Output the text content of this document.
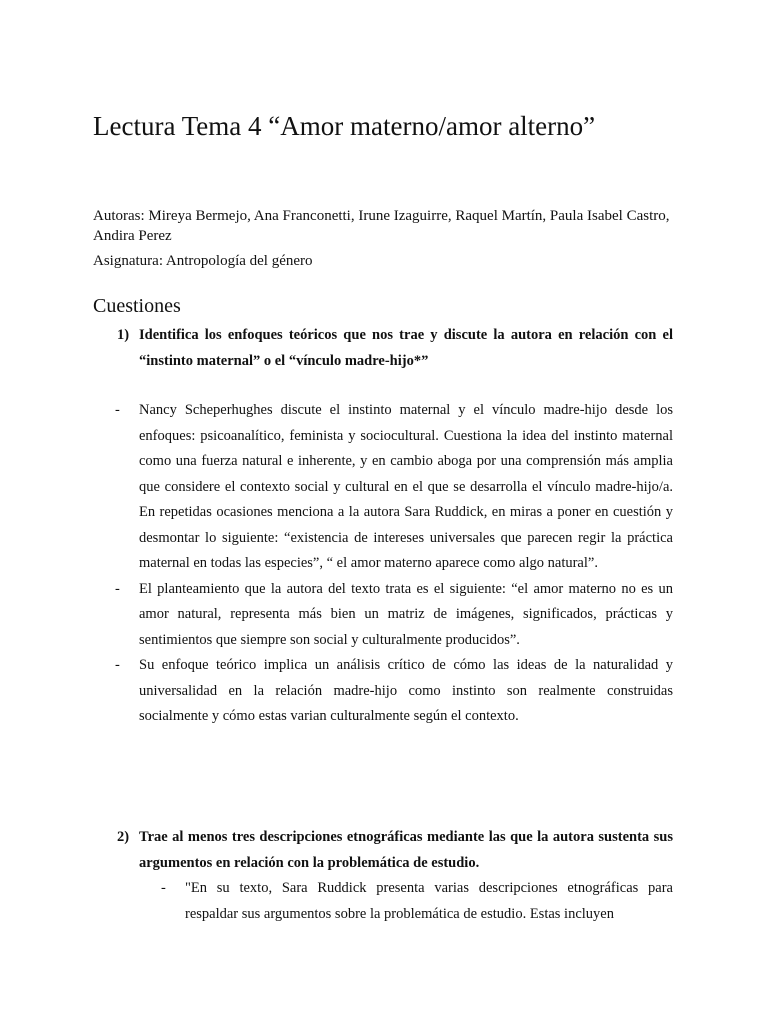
Lectura Tema 4 “Amor materno/amor alterno”
Autoras: Mireya Bermejo, Ana Franconetti, Irune Izaguirre, Raquel Martín, Paula Isabel Castro, Andira Perez
Asignatura: Antropología del género
Cuestiones
1) Identifica los enfoques teóricos que nos trae y discute la autora en relación con el “instinto maternal” o el “vínculo madre-hijo*”
- Nancy Scheperhughes discute el instinto maternal y el vínculo madre-hijo desde los enfoques: psicoanalítico, feminista y sociocultural. Cuestiona la idea del instinto maternal como una fuerza natural e inherente, y en cambio aboga por una comprensión más amplia que considere el contexto social y cultural en el que se desarrolla el vínculo madre-hijo/a. En repetidas ocasiones menciona a la autora Sara Ruddick, en miras a poner en cuestión y desmontar lo siguiente: “existencia de intereses universales que parecen regir la práctica maternal en todas las especies”, “ el amor materno aparece como algo natural”.
- El planteamiento que la autora del texto trata es el siguiente: “el amor materno no es un amor natural, representa más bien un matriz de imágenes, significados, prácticas y sentimientos que siempre son social y culturalmente producidos”.
- Su enfoque teórico implica un análisis crítico de cómo las ideas de la naturalidad y universalidad en la relación madre-hijo como instinto son realmente construidas socialmente y cómo estas varian culturalmente según el contexto.
2) Trae al menos tres descripciones etnográficas mediante las que la autora sustenta sus argumentos en relación con la problemática de estudio.
- "En su texto, Sara Ruddick presenta varias descripciones etnográficas para respaldar sus argumentos sobre la problemática de estudio. Estas incluyen
